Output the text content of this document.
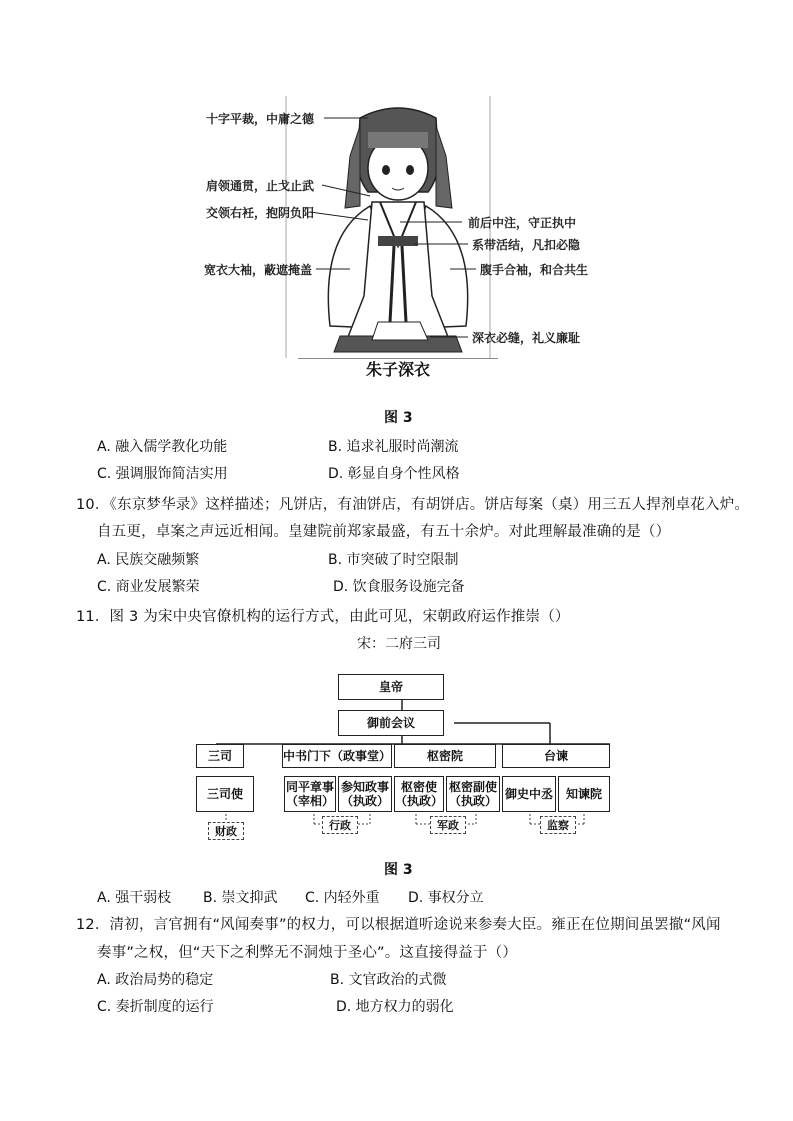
十字平裁，中庸之德
肩领通贯，止戈止武
交领右衽，抱阴负阳
宽衣大袖，蔽遮掩盖
前后中注，守正执中
系带活结，凡扣必隐
腹手合袖，和合共生
深衣必缝，礼义廉耻
朱子深衣
图 3
A. 融入儒学教化功能	B. 追求礼服时尚潮流
C. 强调服饰简洁实用	D. 彰显自身个性风格
10．《东京梦华录》这样描述；凡饼店，有油饼店，有胡饼店。饼店每案（桌）用三五人捍剂卓花入炉。
自五更，卓案之声远近相闻。皇建院前郑家最盛，有五十余炉。对此理解最准确的是（）
A. 民族交融频繁	B. 市突破了时空限制
C. 商业发展繁荣	D. 饮食服务设施完备
11．图 3 为宋中央官僚机构的运行方式，由此可见，宋朝政府运作推崇（）
宋：二府三司
皇帝
御前会议
三司	中书门下（政事堂）	枢密院	台谏
三司使	同平章事
（宰相）
参知政事
（执政）
枢密使
（执政）
枢密副使
（执政） 御史中丞	知谏院
财政	行政	军政	监察
图 3
A. 强干弱枝 B. 崇文抑武 C. 内轻外重 D. 事权分立
12．清初，言官拥有“风闻奏事”的权力，可以根据道听途说来参奏大臣。雍正在位期间虽罢撤“风闻
奏事”之权，但“天下之利弊无不洞烛于圣心”。这直接得益于（）
A. 政治局势的稳定	B. 文官政治的式微
C. 奏折制度的运行	D. 地方权力的弱化
